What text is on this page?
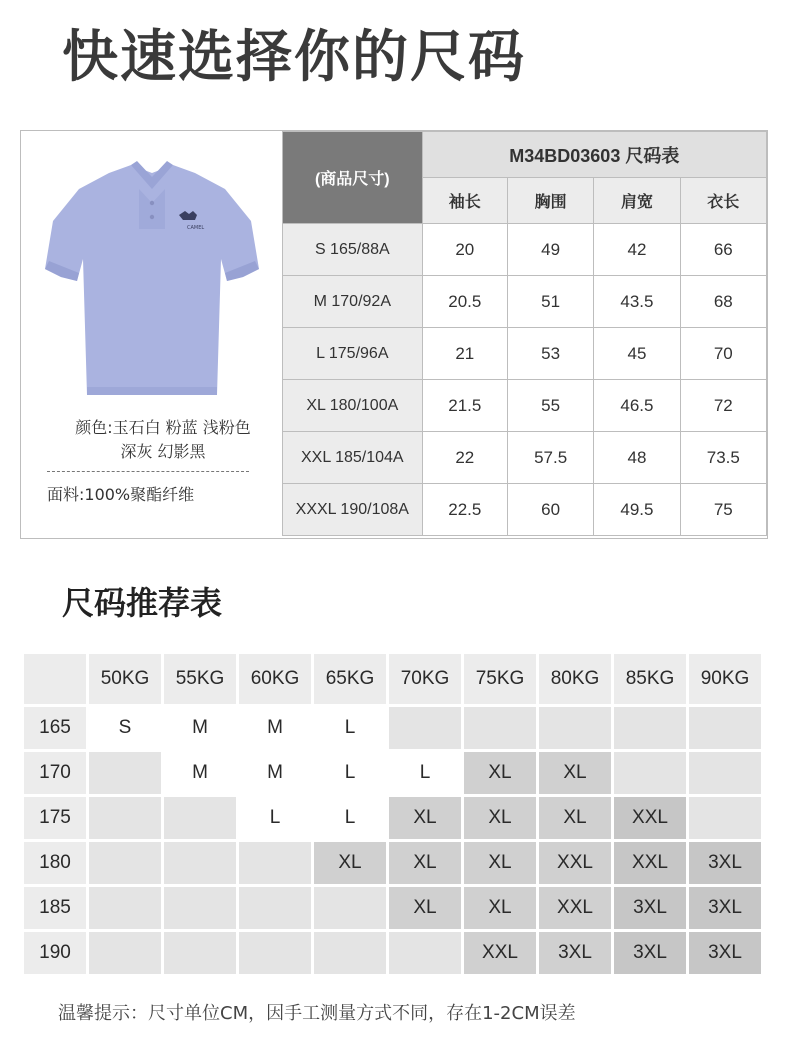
快速选择你的尺码
CAMEL
颜色:玉石白 粉蓝 浅粉色
深灰 幻影黑
面料:100%聚酯纤维
(商品尺寸)	M34BD03603 尺码表			
	袖长	胸围	肩宽	衣长
S 165/88A	20	49	42	66
M 170/92A	20.5	51	43.5	68
L 175/96A	21	53	45	70
XL 180/100A	21.5	55	46.5	72
XXL 185/104A	22	57.5	48	73.5
XXXL 190/108A	22.5	60	49.5	75
尺码推荐表
	50KG	55KG	60KG	65KG	70KG	75KG	80KG	85KG	90KG
165	S	M	M	L					
170		M	M	L	L	XL	XL		
175			L	L	XL	XL	XL	XXL	
180				XL	XL	XL	XXL	XXL	3XL
185					XL	XL	XXL	3XL	3XL
190						XXL	3XL	3XL	3XL
温馨提示：尺寸单位CM，因手工测量方式不同，存在1-2CM误差
